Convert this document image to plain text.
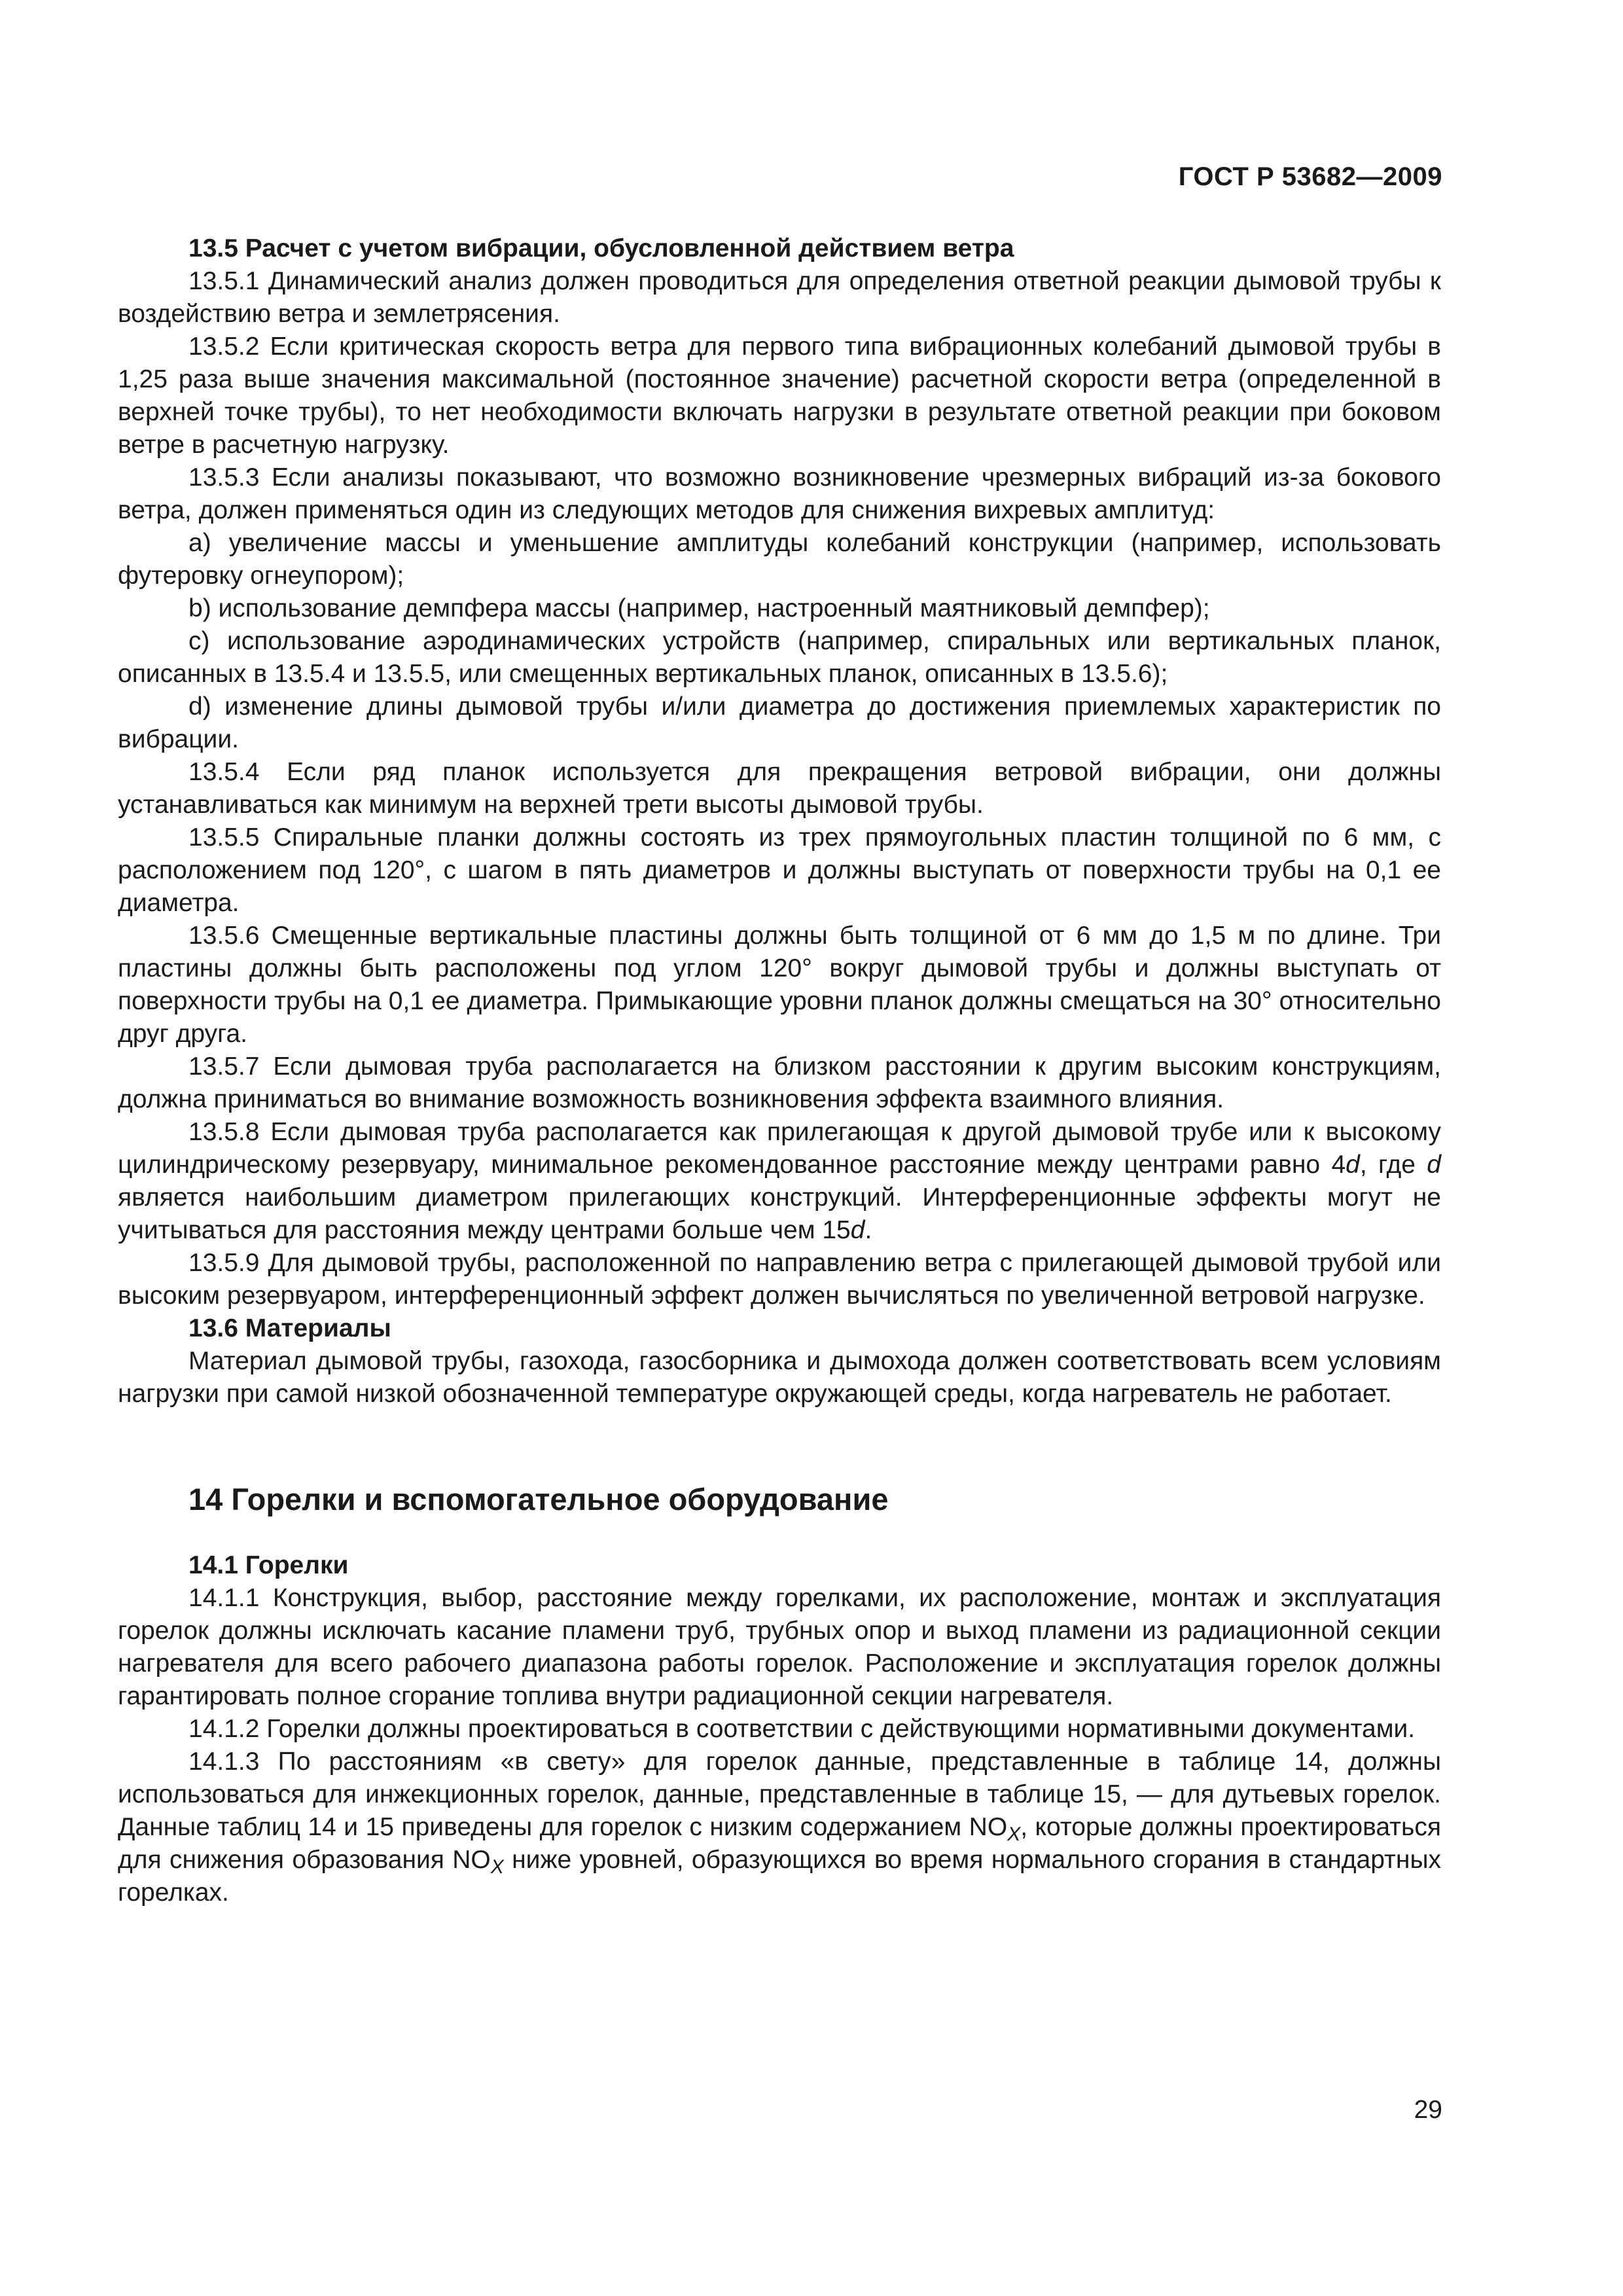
ГОСТ Р 53682—2009

13.5 Расчет с учетом вибрации, обусловленной действием ветра

13.5.1 Динамический анализ должен проводиться для определения ответной реакции дымовой трубы к воздействию ветра и землетрясения.

13.5.2 Если критическая скорость ветра для первого типа вибрационных колебаний дымовой трубы в 1,25 раза выше значения максимальной (постоянное значение) расчетной скорости ветра (определенной в верхней точке трубы), то нет необходимости включать нагрузки в результате ответной реакции при боковом ветре в расчетную нагрузку.

13.5.3 Если анализы показывают, что возможно возникновение чрезмерных вибраций из-за бокового ветра, должен применяться один из следующих методов для снижения вихревых амплитуд:

а) увеличение массы и уменьшение амплитуды колебаний конструкции (например, использовать футеровку огнеупором);

b) использование демпфера массы (например, настроенный маятниковый демпфер);

с) использование аэродинамических устройств (например, спиральных или вертикальных планок, описанных в 13.5.4 и 13.5.5, или смещенных вертикальных планок, описанных в 13.5.6);

d) изменение длины дымовой трубы и/или диаметра до достижения приемлемых характеристик по вибрации.

13.5.4 Если ряд планок используется для прекращения ветровой вибрации, они должны устанавливаться как минимум на верхней трети высоты дымовой трубы.

13.5.5 Спиральные планки должны состоять из трех прямоугольных пластин толщиной по 6 мм, с расположением под 120°, с шагом в пять диаметров и должны выступать от поверхности трубы на 0,1 ее диаметра.

13.5.6 Смещенные вертикальные пластины должны быть толщиной от 6 мм до 1,5 м по длине. Три пластины должны быть расположены под углом 120° вокруг дымовой трубы и должны выступать от поверхности трубы на 0,1 ее диаметра. Примыкающие уровни планок должны смещаться на 30° относительно друг друга.

13.5.7 Если дымовая труба располагается на близком расстоянии к другим высоким конструкциям, должна приниматься во внимание возможность возникновения эффекта взаимного влияния.

13.5.8 Если дымовая труба располагается как прилегающая к другой дымовой трубе или к высокому цилиндрическому резервуару, минимальное рекомендованное расстояние между центрами равно 4d, где d является наибольшим диаметром прилегающих конструкций. Интерференционные эффекты могут не учитываться для расстояния между центрами больше чем 15d.

13.5.9 Для дымовой трубы, расположенной по направлению ветра с прилегающей дымовой трубой или высоким резервуаром, интерференционный эффект должен вычисляться по увеличенной ветровой нагрузке.

13.6 Материалы

Материал дымовой трубы, газохода, газосборника и дымохода должен соответствовать всем условиям нагрузки при самой низкой обозначенной температуре окружающей среды, когда нагреватель не работает.

14 Горелки и вспомогательное оборудование

14.1 Горелки

14.1.1 Конструкция, выбор, расстояние между горелками, их расположение, монтаж и эксплуатация горелок должны исключать касание пламени труб, трубных опор и выход пламени из радиационной секции нагревателя для всего рабочего диапазона работы горелок. Расположение и эксплуатация горелок должны гарантировать полное сгорание топлива внутри радиационной секции нагревателя.

14.1.2 Горелки должны проектироваться в соответствии с действующими нормативными документами.

14.1.3 По расстояниям «в свету» для горелок данные, представленные в таблице 14, должны использоваться для инжекционных горелок, данные, представленные в таблице 15, — для дутьевых горелок. Данные таблиц 14 и 15 приведены для горелок с низким содержанием $NO_X$, которые должны проектироваться для снижения образования $NO_X$ ниже уровней, образующихся во время нормального сгорания в стандартных горелках.

29
